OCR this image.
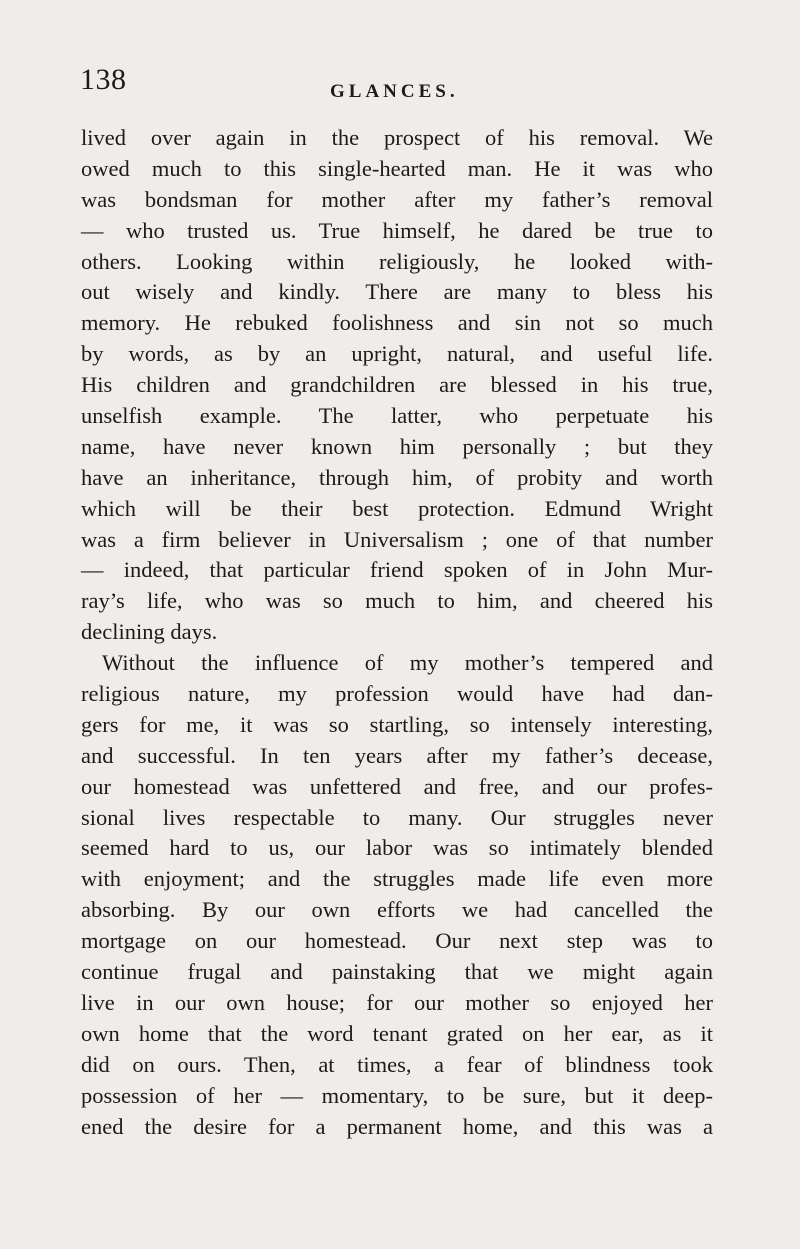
138	GLANCES.
lived over again in the prospect of his removal. We
owed much to this single-hearted man. He it was who
was bondsman for mother after my father’s removal
— who trusted us. True himself, he dared be true to
others. Looking within religiously, he looked with-
out wisely and kindly. There are many to bless his
memory. He rebuked foolishness and sin not so much
by words, as by an upright, natural, and useful life.
His children and grandchildren are blessed in his true,
unselfish example. The latter, who perpetuate his
name, have never known him personally ; but they
have an inheritance, through him, of probity and worth
which will be their best protection. Edmund Wright
was a firm believer in Universalism ; one of that number
— indeed, that particular friend spoken of in John Mur-
ray’s life, who was so much to him, and cheered his
declining days.
Without the influence of my mother’s tempered and
religious nature, my profession would have had dan-
gers for me, it was so startling, so intensely interesting,
and successful. In ten years after my father’s decease,
our homestead was unfettered and free, and our profes-
sional lives respectable to many. Our struggles never
seemed hard to us, our labor was so intimately blended
with enjoyment; and the struggles made life even more
absorbing. By our own efforts we had cancelled the
mortgage on our homestead. Our next step was to
continue frugal and painstaking that we might again
live in our own house; for our mother so enjoyed her
own home that the word tenant grated on her ear, as it
did on ours. Then, at times, a fear of blindness took
possession of her — momentary, to be sure, but it deep-
ened the desire for a permanent home, and this was a
